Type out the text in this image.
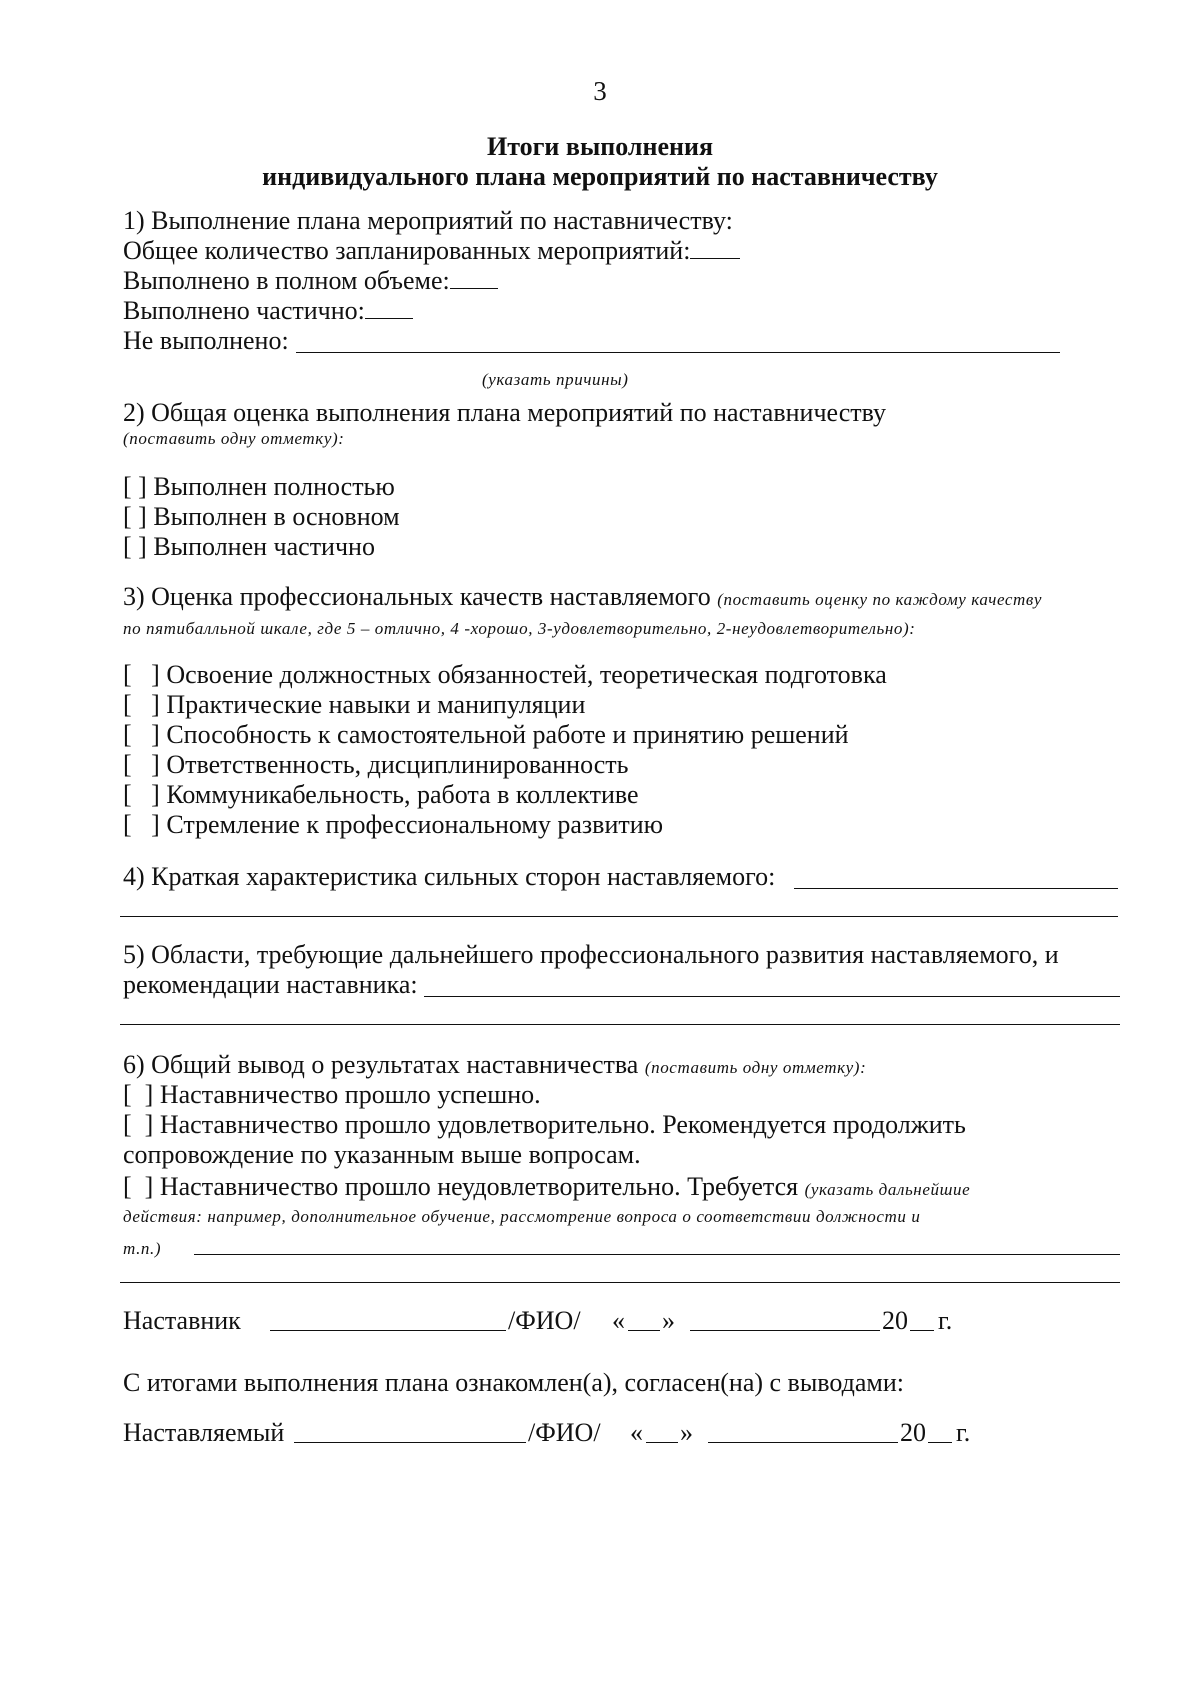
3
Итоги выполнения
индивидуального плана мероприятий по наставничеству
1) Выполнение плана мероприятий по наставничеству:
Общее количество запланированных мероприятий:
Выполнено в полном объеме:
Выполнено частично:
Не выполнено:
(указать причины)
2) Общая оценка выполнения плана мероприятий по наставничеству
(поставить одну отметку):
[ ] Выполнен полностью
[ ] Выполнен в основном
[ ] Выполнен частично
3) Оценка профессиональных качеств наставляемого (поставить оценку по каждому качеству
по пятибалльной шкале, где 5 – отлично, 4 -хорошо, 3-удовлетворительно, 2-неудовлетворительно):
[ ] Освоение должностных обязанностей, теоретическая подготовка
[ ] Практические навыки и манипуляции
[ ] Способность к самостоятельной работе и принятию решений
[ ] Ответственность, дисциплинированность
[ ] Коммуникабельность, работа в коллективе
[ ] Стремление к профессиональному развитию
4) Краткая характеристика сильных сторон наставляемого:
5) Области, требующие дальнейшего профессионального развития наставляемого, и
рекомендации наставника:
6) Общий вывод о результатах наставничества (поставить одну отметку):
[ ] Наставничество прошло успешно.
[ ] Наставничество прошло удовлетворительно. Рекомендуется продолжить
сопровождение по указанным выше вопросам.
[ ] Наставничество прошло неудовлетворительно. Требуется (указать дальнейшие
действия: например, дополнительное обучение, рассмотрение вопроса о соответствии должности и
т.п.)
Наставник	/ФИО/ « »	20 г.
С итогами выполнения плана ознакомлен(а), согласен(на) с выводами:
Наставляемый	/ФИО/ « »	20 г.
